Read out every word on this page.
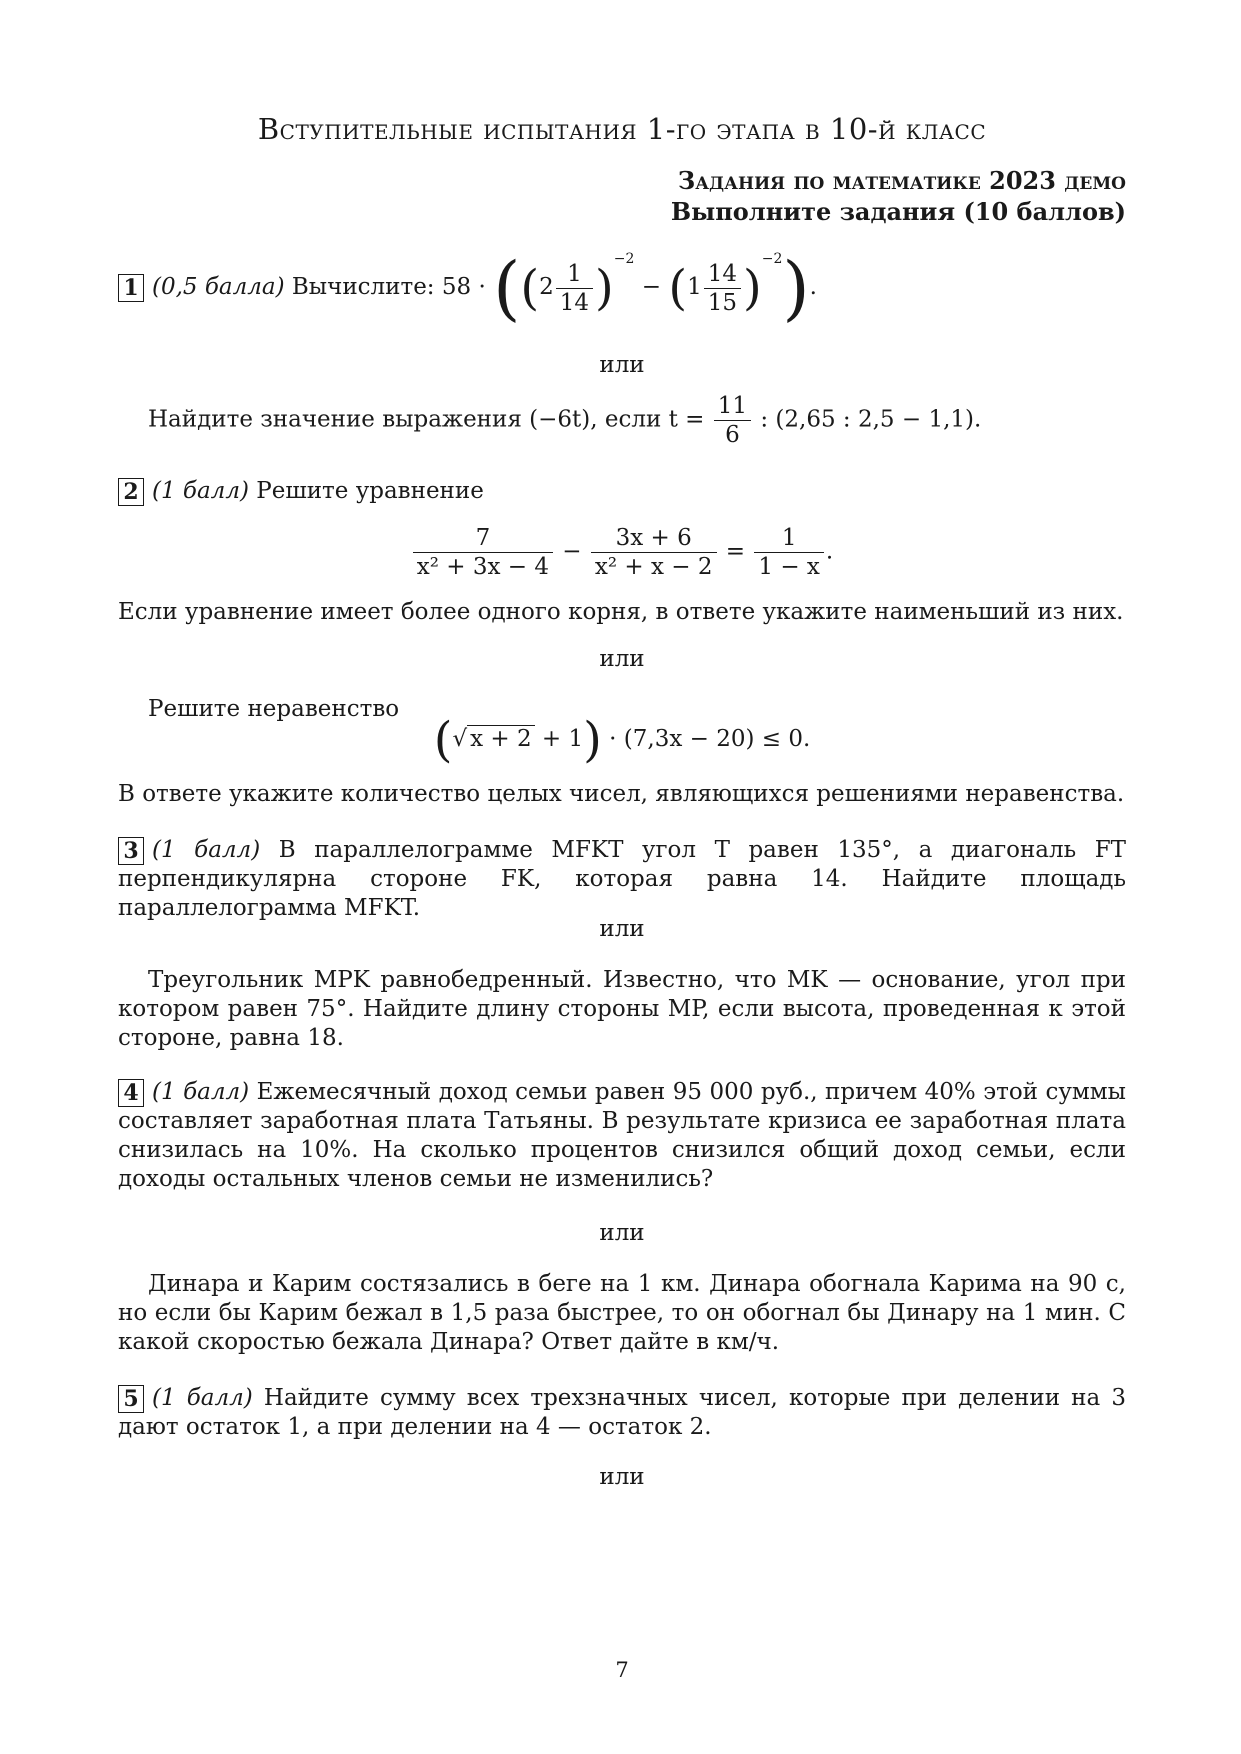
Вступительные испытания 1-го этапа в 10-й класс
Задания по математике 2023 демо
Выполните задания (10 баллов)
1 (0,5 балла) Вычислите: $58 \cdot ((2 \frac{1}{14} )^{-2} - (1 \frac{14}{15} )^{-2})$.
или
Найдите значение выражения (−6t), если $t = \frac{11}{6}$ : (2,65 : 2,5 − 1,1).
2 (1 балл) Решите уравнение
$\frac{7}{\text{x² + 3x − 4}} - \frac{3x + 6}{\text{x² + x − 2}} = \frac{1}{1 - x}$ .
Если уравнение имеет более одного корня, в ответе укажите наименьший из них.
или
Решите неравенство
(√ x + 2 + 1) · (7,3x − 20) ≤ 0.
В ответе укажите количество целых чисел, являющихся решениями неравенства.
3 (1 балл) В параллелограмме MFKT угол T равен 135°, а диагональ FT перпендикулярна стороне FK, которая равна 14. Найдите площадь параллелограмма MFKT.
или
Треугольник MPK равнобедренный. Известно, что MK — основание, угол при котором равен 75°. Найдите длину стороны MP, если высота, проведенная к этой стороне, равна 18.
4 (1 балл) Ежемесячный доход семьи равен 95 000 руб., причем 40% этой суммы составляет заработная плата Татьяны. В результате кризиса ее заработная плата снизилась на 10%. На сколько процентов снизился общий доход семьи, если доходы остальных членов семьи не изменились?
или
Динара и Карим состязались в беге на 1 км. Динара обогнала Карима на 90 с, но если бы Карим бежал в 1,5 раза быстрее, то он обогнал бы Динару на 1 мин. С какой скоростью бежала Динара? Ответ дайте в км/ч.
5 (1 балл) Найдите сумму всех трехзначных чисел, которые при делении на 3 дают остаток 1, а при делении на 4 — остаток 2.
или
7
